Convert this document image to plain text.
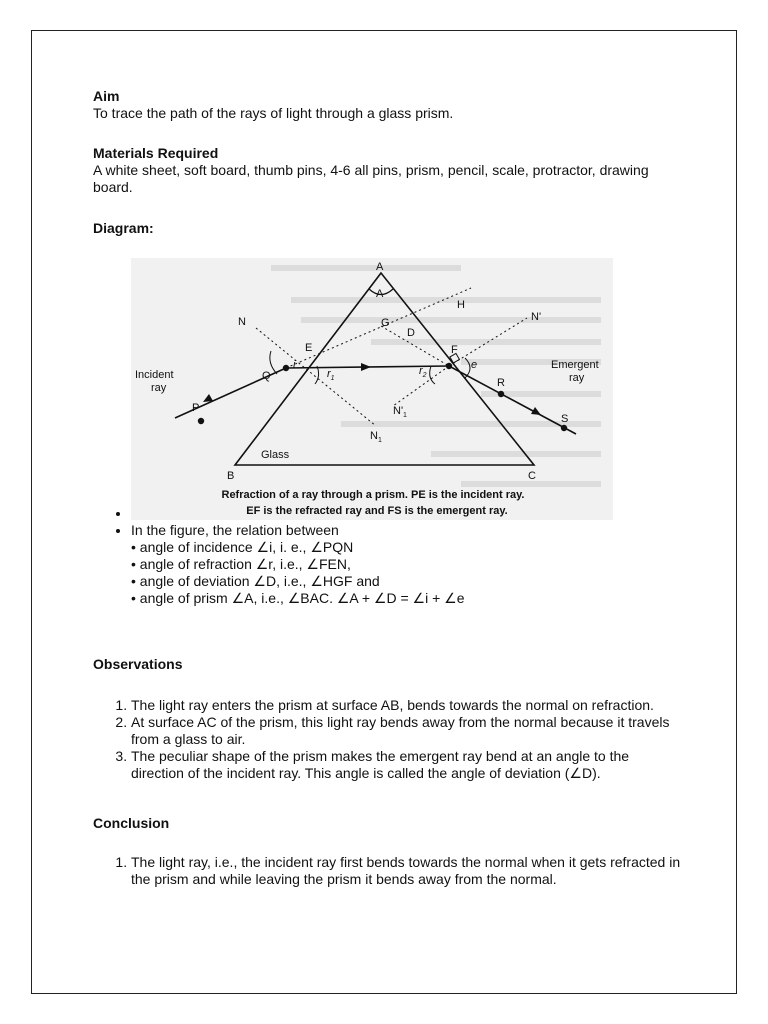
Aim
To trace the path of the rays of light through a glass prism.
Materials Required
A white sheet, soft board, thumb pins, 4-6 all pins, prism, pencil, scale, protractor, drawing board.
Diagram:
A
A
B	C
N	N'
E	F
G
H
D
Q
P
R
S
$N_1$
$N'_1$
i	e
$r_1$
$r_2$
Incident
ray
Emergent
ray
Glass
Refraction of a ray through a prism. PE is the incident ray.
EF is the refracted ray and FS is the emergent ray.
•
• In the figure, the relation between
• angle of incidence ∠i, i. e., ∠PQN
• angle of refraction ∠r, i.e., ∠FEN,
• angle of deviation ∠D, i.e., ∠HGF and
• angle of prism ∠A, i.e., ∠BAC. ∠A + ∠D = ∠i + ∠e
Observations
1. The light ray enters the prism at surface AB, bends towards the normal on refraction.
2. At surface AC of the prism, this light ray bends away from the normal because it travels from a glass to air.
3. The peculiar shape of the prism makes the emergent ray bend at an angle to the direction of the incident ray. This angle is called the angle of deviation (∠D).
Conclusion
1. The light ray, i.e., the incident ray first bends towards the normal when it gets refracted in the prism and while leaving the prism it bends away from the normal.
